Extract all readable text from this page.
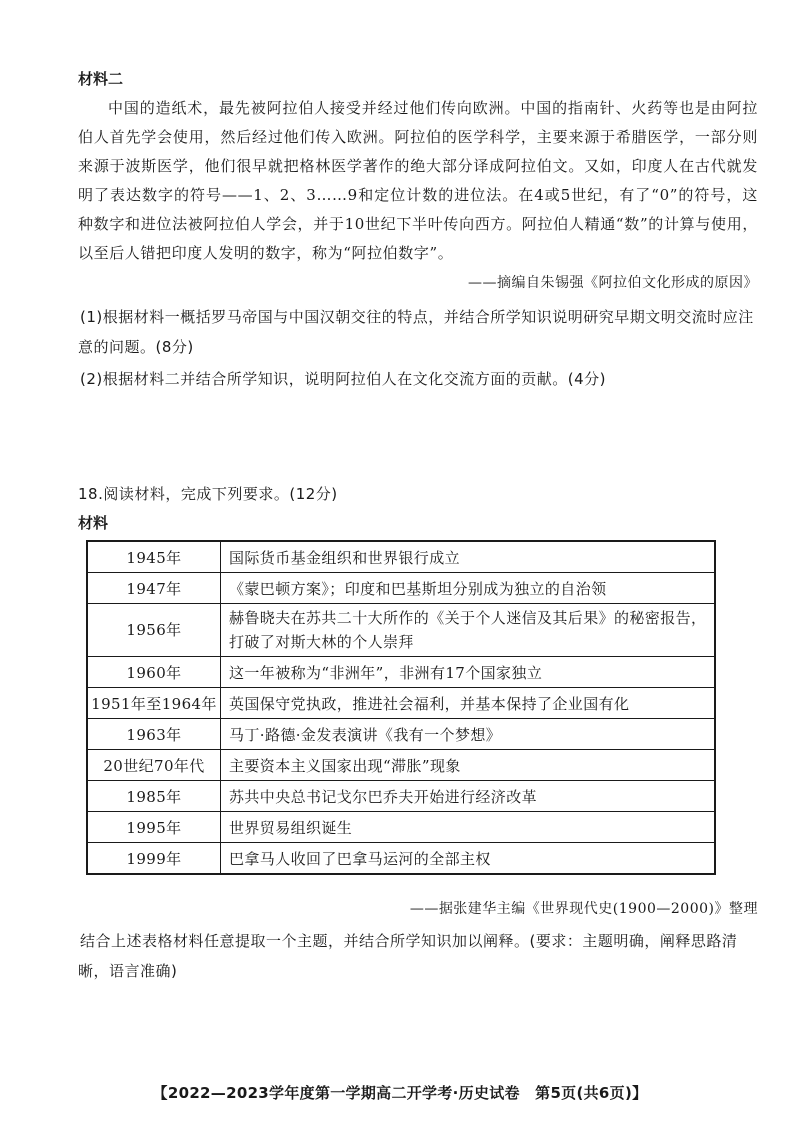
材料二

中国的造纸术，最先被阿拉伯人接受并经过他们传向欧洲。中国的指南针、火药等也是由阿拉伯人首先学会使用，然后经过他们传入欧洲。阿拉伯的医学科学，主要来源于希腊医学，一部分则来源于波斯医学，他们很早就把格林医学著作的绝大部分译成阿拉伯文。又如，印度人在古代就发明了表达数字的符号——1、2、3……9和定位计数的进位法。在4或5世纪，有了“0”的符号，这种数字和进位法被阿拉伯人学会，并于10世纪下半叶传向西方。阿拉伯人精通“数”的计算与使用，以至后人错把印度人发明的数字，称为“阿拉伯数字”。

——摘编自朱锡强《阿拉伯文化形成的原因》

(1)根据材料一概括罗马帝国与中国汉朝交往的特点，并结合所学知识说明研究早期文明交流时应注意的问题。(8分)

(2)根据材料二并结合所学知识，说明阿拉伯人在文化交流方面的贡献。(4分)

18.阅读材料，完成下列要求。(12分)
材料
1945年	国际货币基金组织和世界银行成立
1947年	《蒙巴顿方案》；印度和巴基斯坦分别成为独立的自治领
1956年	赫鲁晓夫在苏共二十大所作的《关于个人迷信及其后果》的秘密报告，打破了对斯大林的个人崇拜
1960年	这一年被称为“非洲年”，非洲有17个国家独立
1951年至1964年	英国保守党执政，推进社会福利，并基本保持了企业国有化
1963年	马丁·路德·金发表演讲《我有一个梦想》
20世纪70年代	主要资本主义国家出现“滞胀”现象
1985年	苏共中央总书记戈尔巴乔夫开始进行经济改革
1995年	世界贸易组织诞生
1999年	巴拿马人收回了巴拿马运河的全部主权
——据张建华主编《世界现代史(1900—2000)》整理

结合上述表格材料任意提取一个主题，并结合所学知识加以阐释。(要求：主题明确，阐释思路清晰，语言准确)

【2022—2023学年度第一学期高二开学考·历史试卷　第5页(共6页)】
